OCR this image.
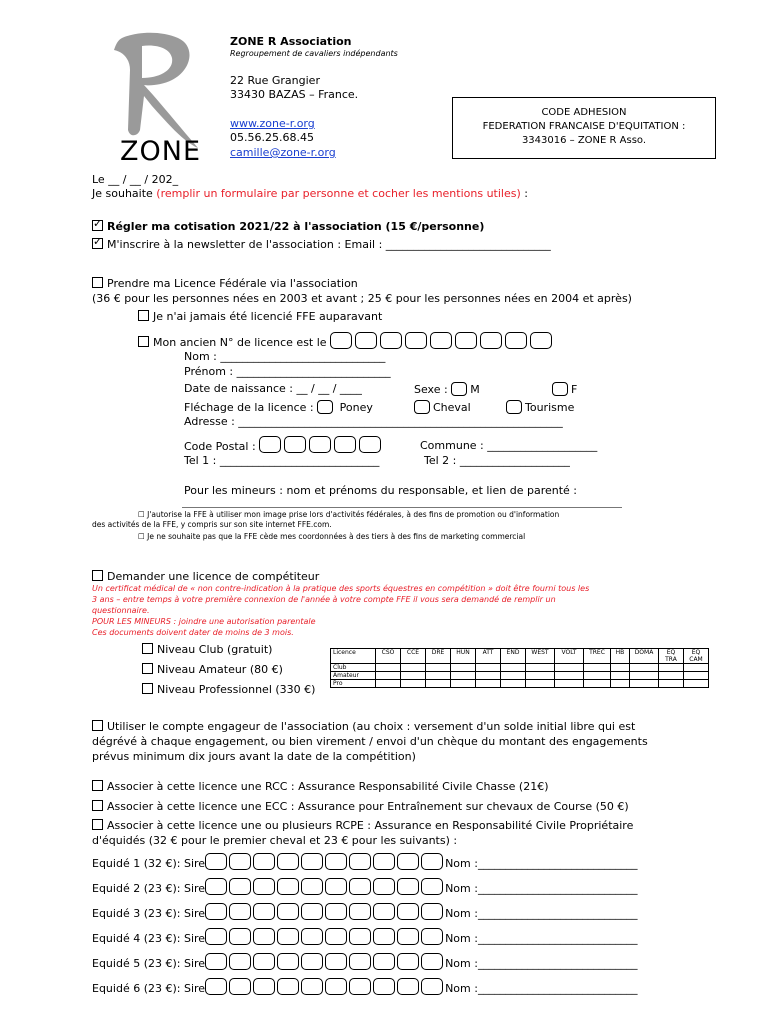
ZONE
ZONE R Association
Regroupement de cavaliers indépendants
22 Rue Grangier
33430 BAZAS – France.
www.zone-r.org
05.56.25.68.45
camille@zone-r.org
CODE ADHESION
FEDERATION FRANCAISE D'EQUITATION :
3343016 – ZONE R Asso.
Le __ / __ / 202_
Je souhaite (remplir un formulaire par personne et cocher les mentions utiles) :
✓Régler ma cotisation 2021/22 à l'association (15 €/personne)
✓M'inscrire à la newsletter de l'association : Email : ______________________________
Prendre ma Licence Fédérale via l'association
(36 € pour les personnes nées en 2003 et avant ; 25 € pour les personnes nées en 2004 et après)
Je n'ai jamais été licencié FFE auparavant
Mon ancien N° de licence est le
Nom : ______________________________
Prénom : ____________________________
Date de naissance : __ / __ / ____	Sexe : M	F
Fléchage de la licence : Poney	Cheval	Tourisme
Adresse : ___________________________________________________________
Code Postal :	Commune : ____________________
Tel 1 : _____________________________	Tel 2 : ____________________
Pour les mineurs : nom et prénoms du responsable, et lien de parenté :
☐ J'autorise la FFE à utiliser mon image prise lors d'activités fédérales, à des fins de promotion ou d'information
des activités de la FFE, y compris sur son site internet FFE.com.
☐ Je ne souhaite pas que la FFE cède mes coordonnées à des tiers à des fins de marketing commercial
Demander une licence de compétiteur
Un certificat médical de « non contre-indication à la pratique des sports équestres en compétition » doit être fourni tous les
3 ans – entre temps à votre première connexion de l'année à votre compte FFE il vous sera demandé de remplir un
questionnaire.
POUR LES MINEURS : joindre une autorisation parentale
Ces documents doivent dater de moins de 3 mois.
Niveau Club (gratuit)
Niveau Amateur (80 €)
Niveau Professionnel (330 €)
Licence	CSO	CCE	DRE	HUN	ATT	END	WEST	VOLT	TREC	HB	DOMA	EQ TRA	EQ CAM
Club													
Amateur													
Pro													
Utiliser le compte engageur de l'association (au choix : versement d'un solde initial libre qui est
dégrévé à chaque engagement, ou bien virement / envoi d'un chèque du montant des engagements
prévus minimum dix jours avant la date de la compétition)
Associer à cette licence une RCC : Assurance Responsabilité Civile Chasse (21€)
Associer à cette licence une ECC : Assurance pour Entraînement sur chevaux de Course (50 €)
Associer à cette licence une ou plusieurs RCPE : Assurance en Responsabilité Civile Propriétaire
d'équidés (32 € pour le premier cheval et 23 € pour les suivants) :
Equidé 1 (32 €): Sire	Nom :_____________________________
Equidé 2 (23 €): Sire	Nom :_____________________________
Equidé 3 (23 €): Sire	Nom :_____________________________
Equidé 4 (23 €): Sire	Nom :_____________________________
Equidé 5 (23 €): Sire	Nom :_____________________________
Equidé 6 (23 €): Sire	Nom :_____________________________
